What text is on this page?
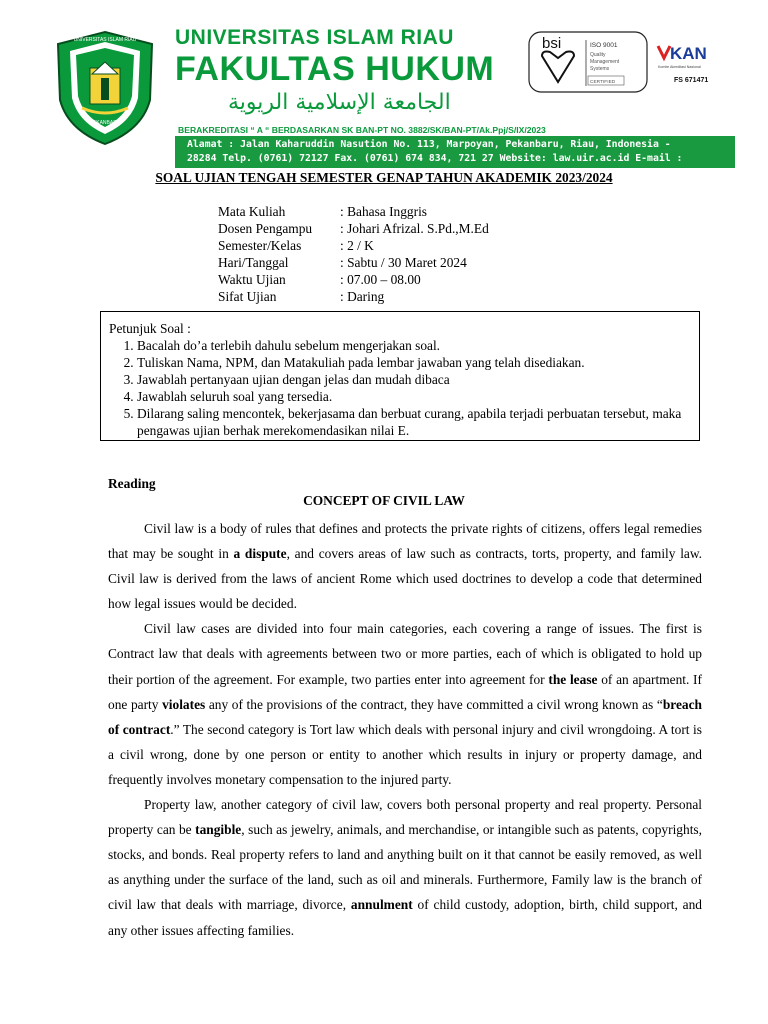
UNIVERSITAS ISLAM RIAU
PEKANBARU
UNIVERSITAS ISLAM RIAU
FAKULTAS HUKUM
الجامعة الإسلامية الريوية
bsi	ISO 9001
Quality
Management
Systems
CERTIFIED
KAN
Komite Akreditasi Nasional
FS 671471
BERAKREDITASI “ A “ BERDASARKAN SK BAN-PT NO. 3882/SK/BAN-PT/Ak.Ppj/S/IX/2023
Alamat : Jalan Kaharuddin Nasution No. 113, Marpoyan, Pekanbaru, Riau, Indonesia -
28284 Telp. (0761) 72127 Fax. (0761) 674 834, 721 27 Website: law.uir.ac.id E-mail :
SOAL UJIAN TENGAH SEMESTER GENAP TAHUN AKADEMIK 2023/2024
Mata Kuliah	: Bahasa Inggris
Dosen Pengampu	: Johari Afrizal. S.Pd.,M.Ed
Semester/Kelas	: 2 / K
Hari/Tanggal	: Sabtu / 30 Maret 2024
Waktu Ujian	: 07.00 – 08.00
Sifat Ujian	: Daring
Petunjuk Soal :
1. Bacalah do’a terlebih dahulu sebelum mengerjakan soal.
2. Tuliskan Nama, NPM, dan Matakuliah pada lembar jawaban yang telah disediakan.
3. Jawablah pertanyaan ujian dengan jelas dan mudah dibaca
4. Jawablah seluruh soal yang tersedia.
5. Dilarang saling mencontek, bekerjasama dan berbuat curang, apabila terjadi perbuatan tersebut, maka pengawas ujian berhak merekomendasikan nilai E.
Reading
CONCEPT OF CIVIL LAW

Civil law is a body of rules that defines and protects the private rights of citizens, offers legal remedies that may be sought in a dispute, and covers areas of law such as contracts, torts, property, and family law. Civil law is derived from the laws of ancient Rome which used doctrines to develop a code that determined how legal issues would be decided.

Civil law cases are divided into four main categories, each covering a range of issues. The first is Contract law that deals with agreements between two or more parties, each of which is obligated to hold up their portion of the agreement. For example, two parties enter into agreement for the lease of an apartment. If one party violates any of the provisions of the contract, they have committed a civil wrong known as “breach of contract.” The second category is Tort law which deals with personal injury and civil wrongdoing. A tort is a civil wrong, done by one person or entity to another which results in injury or property damage, and frequently involves monetary compensation to the injured party.

Property law, another category of civil law, covers both personal property and real property. Personal property can be tangible, such as jewelry, animals, and merchandise, or intangible such as patents, copyrights, stocks, and bonds. Real property refers to land and anything built on it that cannot be easily removed, as well as anything under the surface of the land, such as oil and minerals. Furthermore, Family law is the branch of civil law that deals with marriage, divorce, annulment of child custody, adoption, birth, child support, and any other issues affecting families.
